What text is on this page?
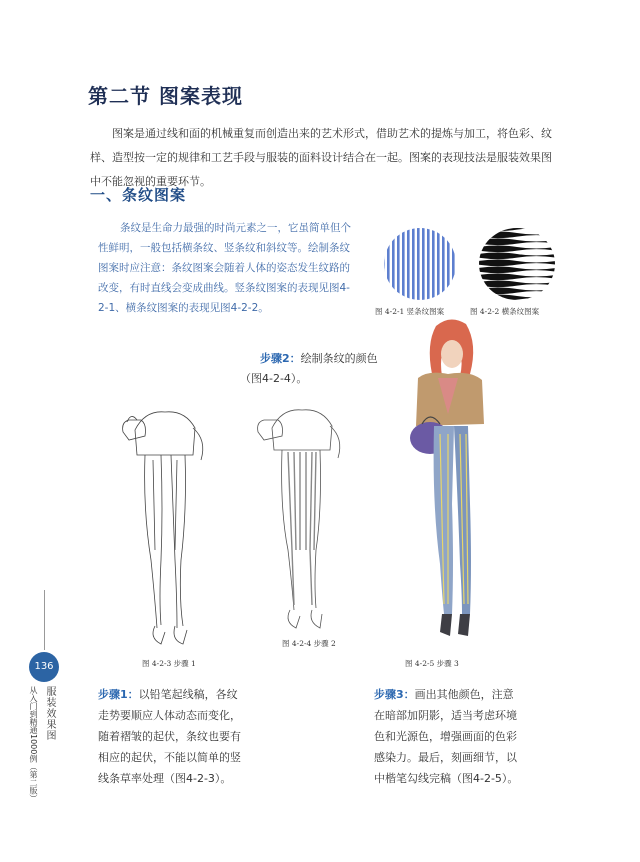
第二节 图案表现
图案是通过线和面的机械重复而创造出来的艺术形式，借助艺术的提炼与加工，将色彩、纹样、造型按一定的规律和工艺手段与服装的面料设计结合在一起。图案的表现技法是服装效果图中不能忽视的重要环节。
一、条纹图案
条纹是生命力最强的时尚元素之一，它虽简单但个性鲜明，一般包括横条纹、竖条纹和斜纹等。绘制条纹图案时应注意：条纹图案会随着人体的姿态发生纹路的改变，有时直线会变成曲线。竖条纹图案的表现见图4-2-1、横条纹图案的表现见图4-2-2。	图 4-2-1 竖条纹图案	图 4-2-2 横条纹图案
步骤2：绘制条纹的颜色
（图4-2-4）。
图 4-2-3 步骤 1
图 4-2-4 步骤 2
图 4-2-5 步骤 3
步骤1：以铅笔起线稿，各纹走势要顺应人体动态而变化，随着褶皱的起伏，条纹也要有相应的起伏，不能以简单的竖线条草率处理（图4-2-3）。
步骤3：画出其他颜色，注意在暗部加阴影，适当考虑环境色和光源色，增强画面的色彩感染力。最后，刻画细节，以中楷笔勾线完稿（图4-2-5）。
136
服装效果图
从入门到精通1000例（第二版）
